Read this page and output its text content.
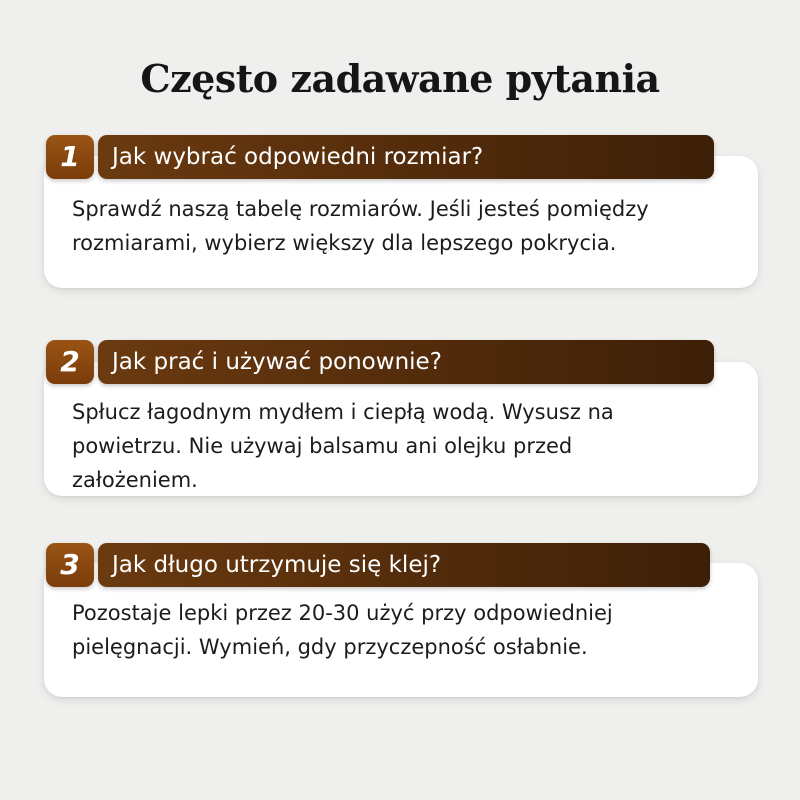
Często zadawane pytania
1 Jak wybrać odpowiedni rozmiar?
Sprawdź naszą tabelę rozmiarów. Jeśli jesteś pomiędzy
rozmiarami, wybierz większy dla lepszego pokrycia.
2 Jak prać i używać ponownie?
Spłucz łagodnym mydłem i ciepłą wodą. Wysusz na
powietrzu. Nie używaj balsamu ani olejku przed
założeniem.
3 Jak długo utrzymuje się klej?
Pozostaje lepki przez 20-30 użyć przy odpowiedniej
pielęgnacji. Wymień, gdy przyczepność osłabnie.
